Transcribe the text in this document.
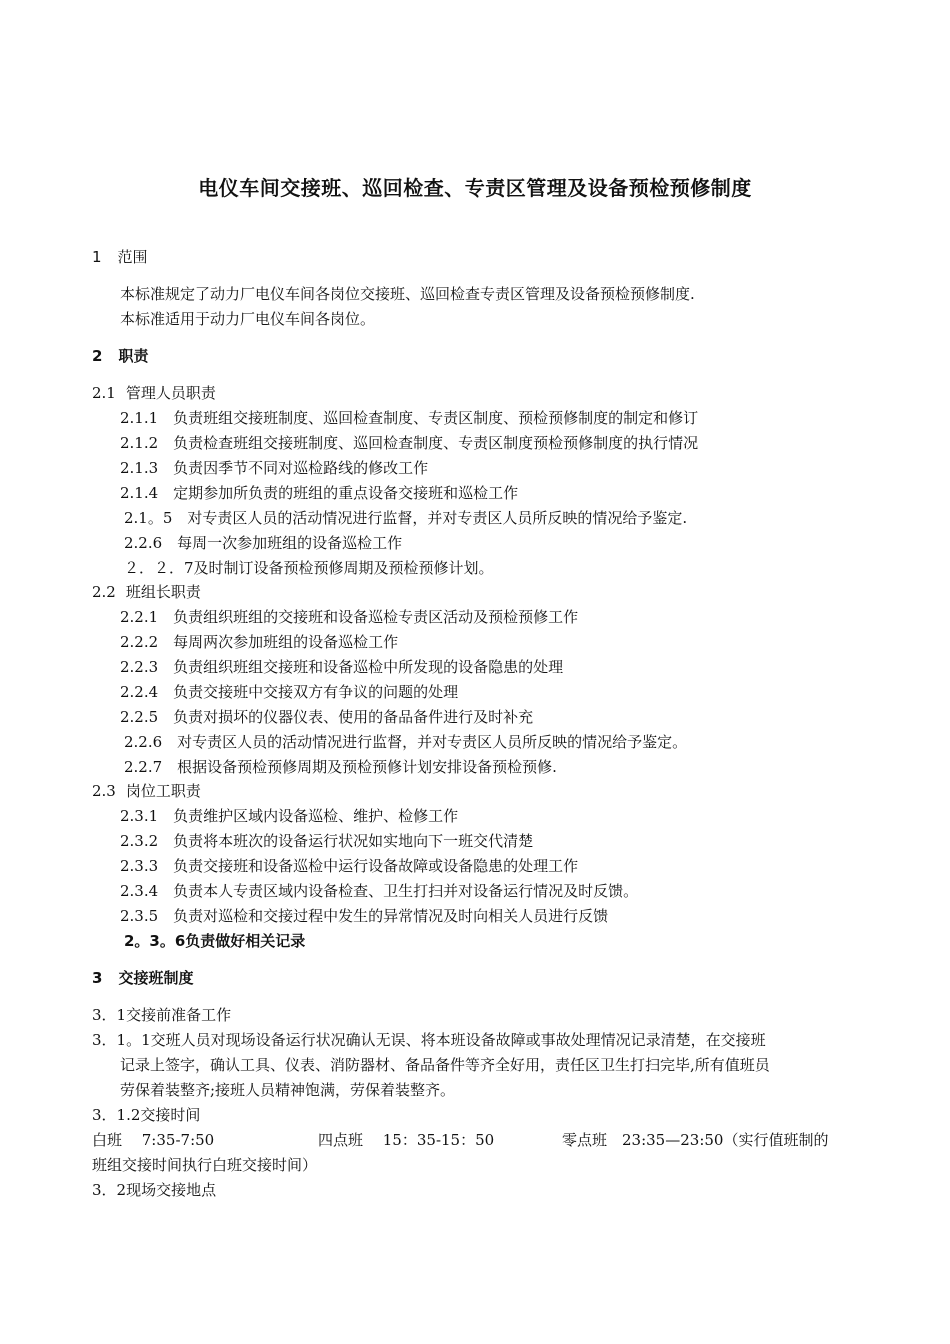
电仪车间交接班、巡回检查、专责区管理及设备预检预修制度
1 范围
本标准规定了动力厂电仪车间各岗位交接班、巡回检查专责区管理及设备预检预修制度.
本标准适用于动力厂电仪车间各岗位。
2 职责
2.1 管理人员职责
2.1.1　负责班组交接班制度、巡回检查制度、专责区制度、预检预修制度的制定和修订
2.1.2　负责检查班组交接班制度、巡回检查制度、专责区制度预检预修制度的执行情况
2.1.3　负责因季节不同对巡检路线的修改工作
2.1.4　定期参加所负责的班组的重点设备交接班和巡检工作
2.1。5　对专责区人员的活动情况进行监督，并对专责区人员所反映的情况给予鉴定.
2.2.6　每周一次参加班组的设备巡检工作
２．２．7及时制订设备预检预修周期及预检预修计划。
2.2 班组长职责
2.2.1　负责组织班组的交接班和设备巡检专责区活动及预检预修工作
2.2.2　每周两次参加班组的设备巡检工作
2.2.3　负责组织班组交接班和设备巡检中所发现的设备隐患的处理
2.2.4　负责交接班中交接双方有争议的问题的处理
2.2.5　负责对损坏的仪器仪表、使用的备品备件进行及时补充
2.2.6　对专责区人员的活动情况进行监督，并对专责区人员所反映的情况给予鉴定。
2.2.7　根据设备预检预修周期及预检预修计划安排设备预检预修.
2.3 岗位工职责
2.3.1　负责维护区域内设备巡检、维护、检修工作
2.3.2　负责将本班次的设备运行状况如实地向下一班交代清楚
2.3.3　负责交接班和设备巡检中运行设备故障或设备隐患的处理工作
2.3.4　负责本人专责区域内设备检查、卫生打扫并对设备运行情况及时反馈。
2.3.5　负责对巡检和交接过程中发生的异常情况及时向相关人员进行反馈
2。3。6负责做好相关记录
3 交接班制度
3．1交接前准备工作
3．1。1交班人员对现场设备运行状况确认无误、将本班设备故障或事故处理情况记录清楚，在交接班
记录上签字，确认工具、仪表、消防器材、备品备件等齐全好用，责任区卫生打扫完毕,所有值班员
劳保着装整齐;接班人员精神饱满，劳保着装整齐。
3．1.2交接时间
白班　 7:35-7:50	四点班　 15：35-15：50	零点班　23:35—23:50（实行值班制的
班组交接时间执行白班交接时间）
3．2现场交接地点
